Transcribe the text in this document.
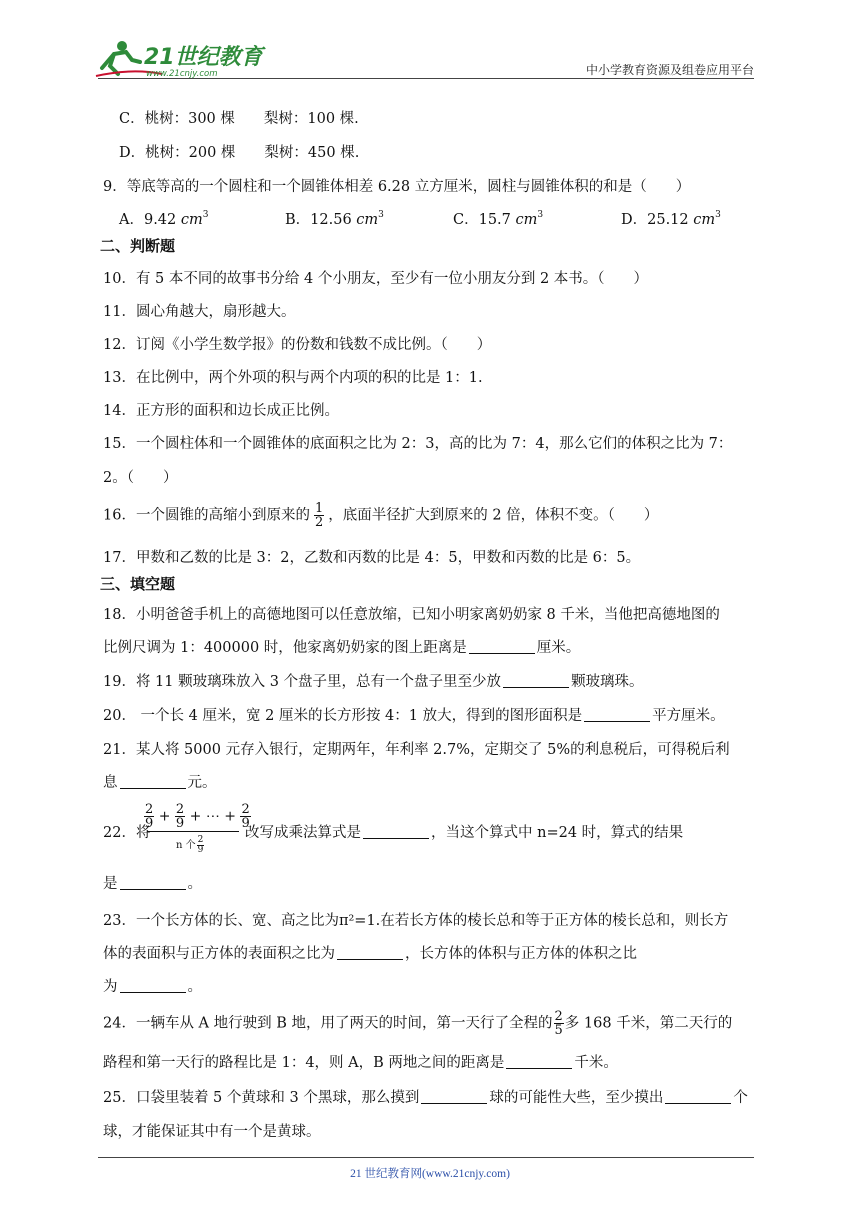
21世纪教育
www.21cnjy.com	中小学教育资源及组卷应用平台
C．桃树：300 棵　　梨树：100 棵.
D．桃树：200 棵　　梨树：450 棵.
9．等底等高的一个圆柱和一个圆锥体相差 6.28 立方厘米，圆柱与圆锥体积的和是（　　）
A．9.42 $cm^3$	B．12.56 $cm^3$	C．15.7 $cm^3$	D．25.12 $cm^3$
二、判断题
10．有 5 本不同的故事书分给 4 个小朋友，至少有一位小朋友分到 2 本书。（　　）
11．圆心角越大，扇形越大。
12．订阅《小学生数学报》的份数和钱数不成比例。（　　）
13．在比例中，两个外项的积与两个内项的积的比是 1：1.
14．正方形的面积和边长成正比例。
15．一个圆柱体和一个圆锥体的底面积之比为 2：3，高的比为 7：4，那么它们的体积之比为 7：
2。（　　）
16．一个圆锥的高缩小到原来的 $\frac{1}{2}$ ，底面半径扩大到原来的 2 倍，体积不变。（　　）
17．甲数和乙数的比是 3：2，乙数和丙数的比是 4：5，甲数和丙数的比是 6：5。
三、填空题
18．小明爸爸手机上的高德地图可以任意放缩，已知小明家离奶奶家 8 千米，当他把高德地图的
比例尺调为 1：400000 时，他家离奶奶家的图上距离是	厘米。
19．将 11 颗玻璃珠放入 3 个盘子里，总有一个盘子里至少放	颗玻璃珠。
20． 一个长 4 厘米，宽 2 厘米的长方形按 4：1 放大，得到的图形面积是	平方厘米。
21．某人将 5000 元存入银行，定期两年，年利率 2.7%，定期交了 5%的利息税后，可得税后利
息	元。
22．将
$\frac{2}{9} + \frac{2}{9}$ + ⋯ + $\frac{2}{9}$
n 个 $\frac{2}{9}$
改写成乘法算式是	，当这个算式中 n=24 时，算式的结果
是	。
23．一个长方体的长、宽、高之比为π²=1.在若长方体的棱长总和等于正方体的棱长总和，则长方
体的表面积与正方体的表面积之比为	，长方体的体积与正方体的体积之比
为	。
24．一辆车从 A 地行驶到 B 地，用了两天的时间，第一天行了全程的 $\frac{2}{5}$ 多 168 千米，第二天行的
路程和第一天行的路程比是 1：4，则 A，B 两地之间的距离是	千米。
25．口袋里装着 5 个黄球和 3 个黑球，那么摸到	球的可能性大些，至少摸出	个
球，才能保证其中有一个是黄球。
21 世纪教育网(www.21cnjy.com)
